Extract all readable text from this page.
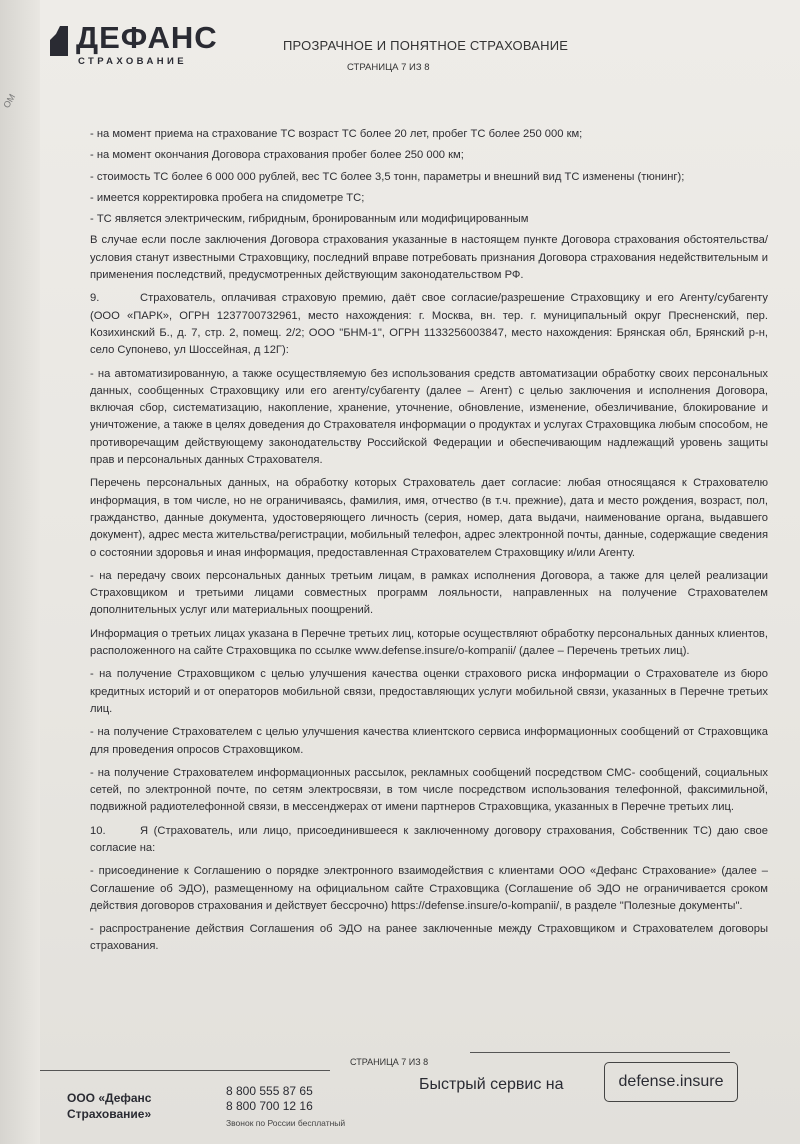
ОМ
ДЕФАНС
СТРАХОВАНИЕ
ПРОЗРАЧНОЕ И ПОНЯТНОЕ СТРАХОВАНИЕ
СТРАНИЦА 7 ИЗ 8

- на момент приема на страхование ТС возраст ТС более 20 лет, пробег ТС более 250 000 км;

- на момент окончания Договора страхования пробег более 250 000 км;

- стоимость ТС более 6 000 000 рублей, вес ТС более 3,5 тонн, параметры и внешний вид ТС изменены (тюнинг);

- имеется корректировка пробега на спидометре ТС;

- ТС является электрическим, гибридным, бронированным или модифицированным

В случае если после заключения Договора страхования указанные в настоящем пункте Договора страхования обстоятельства/ условия станут известными Страховщику, последний вправе потребовать признания Договора страхования недействительным и применения последствий, предусмотренных действующим законодательством РФ.

9.	Страхователь, оплачивая страховую премию, даёт свое согласие/разрешение Страховщику и его Агенту/субагенту (ООО «ПАРК», ОГРН 1237700732961, место нахождения: г. Москва, вн. тер. г. муниципальный округ Пресненский, пер. Козихинский Б., д. 7, стр. 2, помещ. 2/2; ООО "БНМ-1", ОГРН 1133256003847, место нахождения: Брянская обл, Брянский р-н, село Супонево, ул Шоссейная, д 12Г):

- на автоматизированную, а также осуществляемую без использования средств автоматизации обработку своих персональных данных, сообщенных Страховщику или его агенту/субагенту (далее – Агент) с целью заключения и исполнения Договора, включая сбор, систематизацию, накопление, хранение, уточнение, обновление, изменение, обезличивание, блокирование и уничтожение, а также в целях доведения до Страхователя информации о продуктах и услугах Страховщика любым способом, не противоречащим действующему законодательству Российской Федерации и обеспечивающим надлежащий уровень защиты прав и персональных данных Страхователя.

Перечень персональных данных, на обработку которых Страхователь дает согласие: любая относящаяся к Страхователю информация, в том числе, но не ограничиваясь, фамилия, имя, отчество (в т.ч. прежние), дата и место рождения, возраст, пол, гражданство, данные документа, удостоверяющего личность (серия, номер, дата выдачи, наименование органа, выдавшего документ), адрес места жительства/регистрации, мобильный телефон, адрес электронной почты, данные, содержащие сведения о состоянии здоровья и иная информация, предоставленная Страхователем Страховщику и/или Агенту.

- на передачу своих персональных данных третьим лицам, в рамках исполнения Договора, а также для целей реализации Страховщиком и третьими лицами совместных программ лояльности, направленных на получение Страхователем дополнительных услуг или материальных поощрений.

Информация о третьих лицах указана в Перечне третьих лиц, которые осуществляют обработку персональных данных клиентов, расположенного на сайте Страховщика по ссылке www.defense.insure/o-kompanii/ (далее – Перечень третьих лиц).

- на получение Страховщиком с целью улучшения качества оценки страхового риска информации о Страхователе из бюро кредитных историй и от операторов мобильной связи, предоставляющих услуги мобильной связи, указанных в Перечне третьих лиц.

- на получение Страхователем с целью улучшения качества клиентского сервиса информационных сообщений от Страховщика для проведения опросов Страховщиком.

- на получение Страхователем информационных рассылок, рекламных сообщений посредством СМС- сообщений, социальных сетей, по электронной почте, по сетям электросвязи, в том числе посредством использования телефонной, факсимильной, подвижной радиотелефонной связи, в мессенджерах от имени партнеров Страховщика, указанных в Перечне третьих лиц.

10.	Я (Страхователь, или лицо, присоединившееся к заключенному договору страхования, Собственник ТС) даю свое согласие на:

- присоединение к Соглашению о порядке электронного взаимодействия с клиентами ООО «Дефанс Страхование» (далее – Соглашение об ЭДО), размещенному на официальном сайте Страховщика (Соглашение об ЭДО не ограничивается сроком действия договоров страхования и действует бессрочно) https://defense.insure/o-kompanii/, в разделе "Полезные документы".

- распространение действия Соглашения об ЭДО на ранее заключенные между Страховщиком и Страхователем договоры страхования.

СТРАНИЦА 7 ИЗ 8
ООО «Дефанс
Страхование»
8 800 555 87 65
8 800 700 12 16
Звонок по России бесплатный
Быстрый сервис на	defense.insure
